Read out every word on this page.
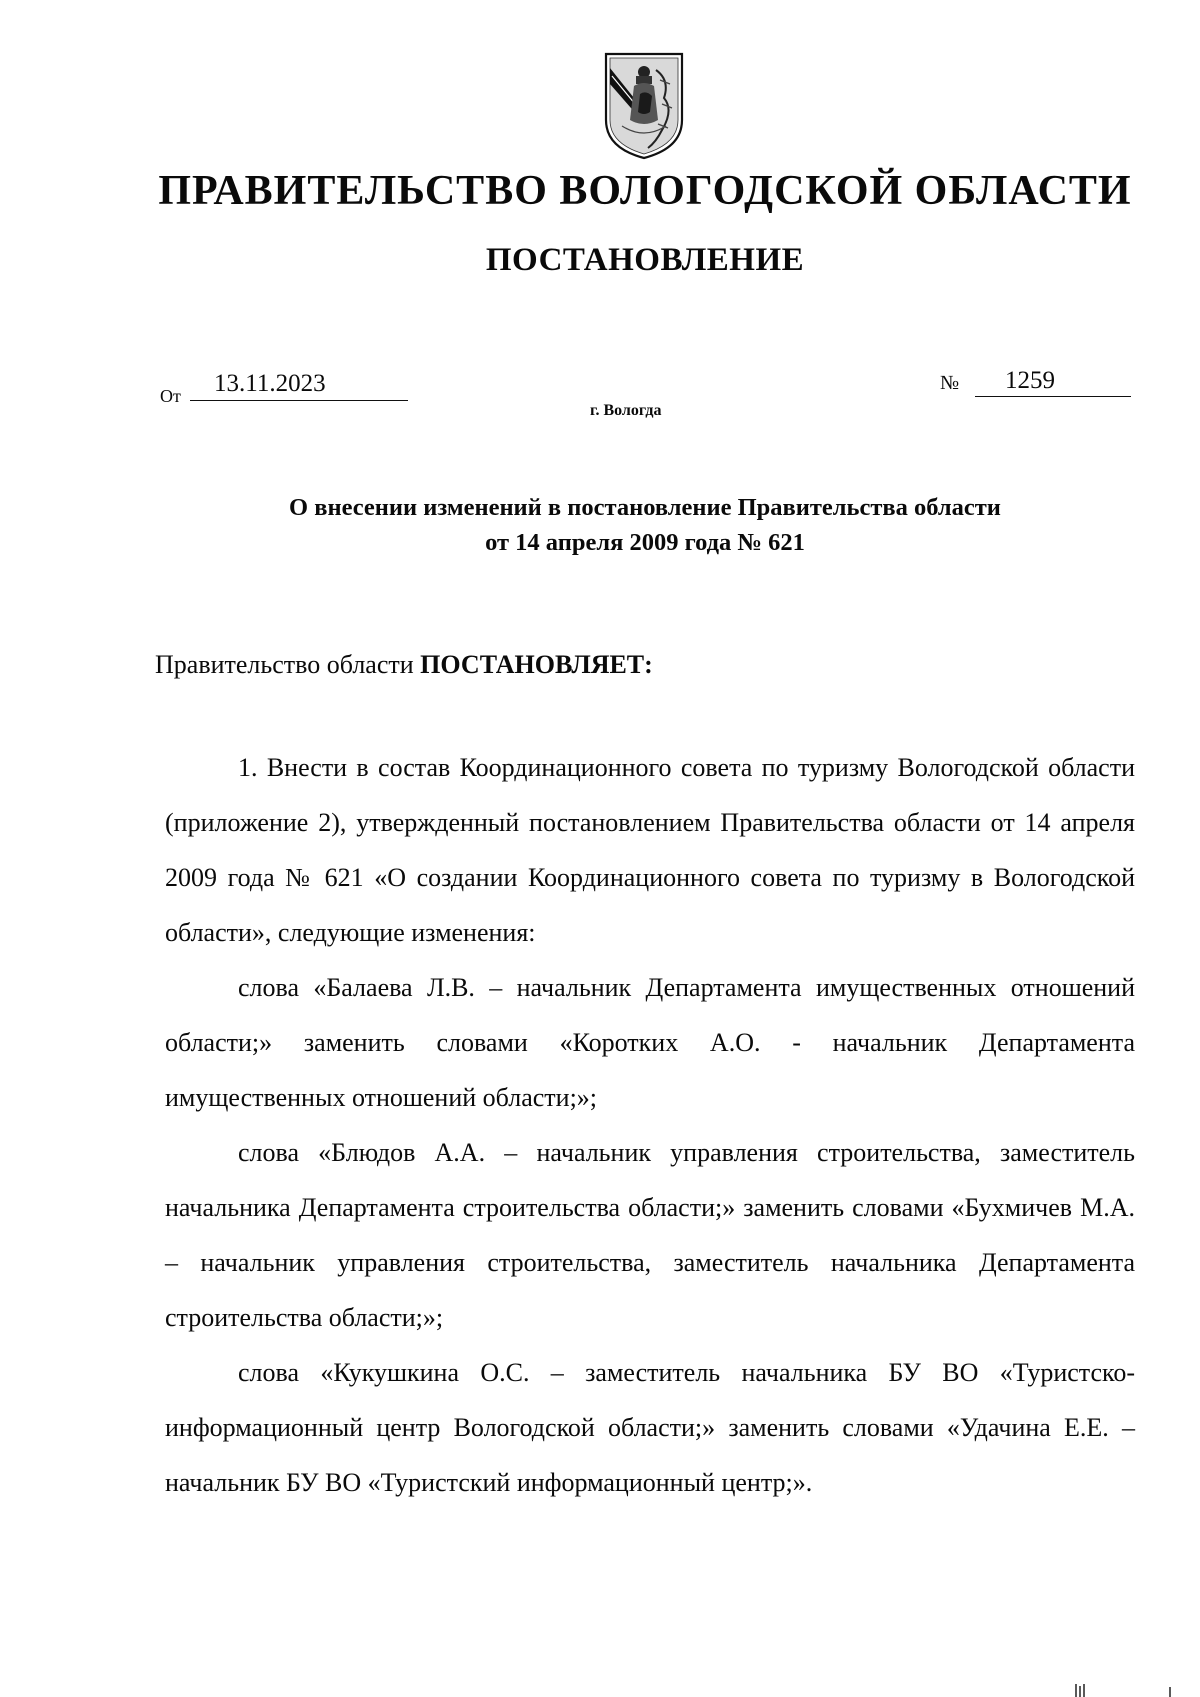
ПРАВИТЕЛЬСТВО ВОЛОГОДСКОЙ ОБЛАСТИ
ПОСТАНОВЛЕНИЕ
От	13.11.2023	№	1259
г. Вологда
О внесении изменений в постановление Правительства области
от 14 апреля 2009 года № 621
Правительство области ПОСТАНОВЛЯЕТ:

1. Внести в состав Координационного совета по туризму Вологодской области (приложение 2), утвержденный постановлением Правительства области от 14 апреля 2009 года № 621 «О создании Координационного совета по туризму в Вологодской области», следующие изменения:

слова «Балаева Л.В. – начальник Департамента имущественных отношений области;» заменить словами «Коротких А.О. - начальник Департамента имущественных отношений области;»;

слова «Блюдов А.А. – начальник управления строительства, заместитель начальника Департамента строительства области;» заменить словами «Бухмичев М.А. – начальник управления строительства, заместитель начальника Департамента строительства области;»;

слова «Кукушкина О.С. – заместитель начальника БУ ВО «Туристско-информационный центр Вологодской области;» заменить словами «Удачина Е.Е. – начальник БУ ВО «Туристский информационный центр;».
